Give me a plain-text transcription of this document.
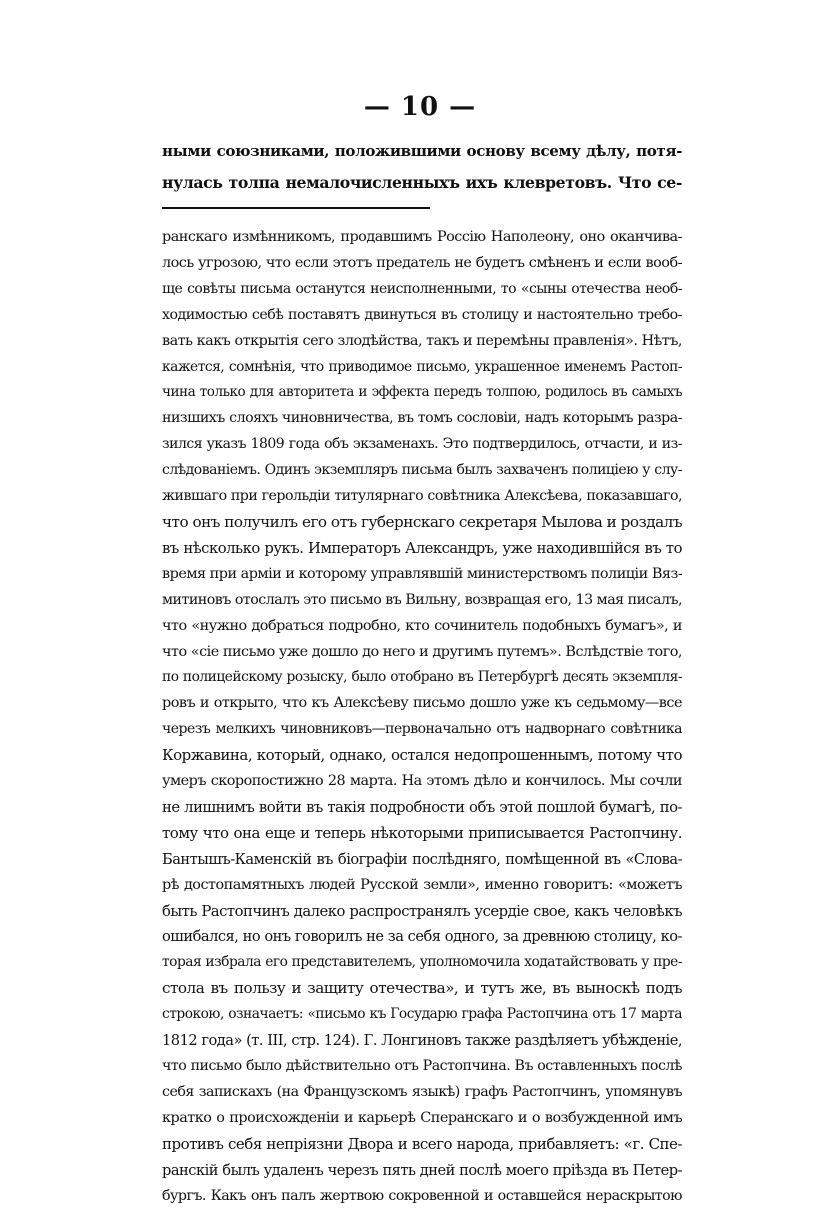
— 10 —
ными союзниками, положившими основу всему дѣлу, потя-
нулась толпа немалочисленныхъ ихъ клевретовъ. Что се-
ранскаго измѣнникомъ, продавшимъ Россію Наполеону, оно оканчива-
лось угрозою, что если этотъ предатель не будетъ смѣненъ и если вооб-
ще совѣты письма останутся неисполненными, то «сыны отечества необ-
ходимостью себѣ поставятъ двинуться въ столицу и настоятельно требо-
вать какъ открытія сего злодѣйства, такъ и перемѣны правленія». Нѣтъ,
кажется, сомнѣнія, что приводимое письмо, украшенное именемъ Растоп-
чина только для авторитета и эффекта передъ толпою, родилось въ самыхъ
низшихъ слояхъ чиновничества, въ томъ сословіи, надъ которымъ разра-
зился указъ 1809 года объ экзаменахъ. Это подтвердилось, отчасти, и из-
слѣдованіемъ. Одинъ экземпляръ письма былъ захваченъ полиціею у слу-
жившаго при герольдіи титулярнаго совѣтника Алексѣева, показавшаго,
что онъ получилъ его отъ губернскаго секретаря Мылова и роздалъ
въ нѣсколько рукъ. Императоръ Александръ, уже находившійся въ то
время при арміи и которому управлявшій министерствомъ полиціи Вяз-
митиновъ отослалъ это письмо въ Вильну, возвращая его, 13 мая писалъ,
что «нужно добраться подробно, кто сочинитель подобныхъ бумагъ», и
что «сіе письмо уже дошло до него и другимъ путемъ». Вслѣдствіе того,
по полицейскому розыску, было отобрано въ Петербургѣ десять экземпля-
ровъ и открыто, что къ Алексѣеву письмо дошло уже къ седьмому—все
черезъ мелкихъ чиновниковъ—первоначально отъ надворнаго совѣтника
Коржавина, который, однако, остался недопрошеннымъ, потому что
умеръ скоропостижно 28 марта. На этомъ дѣло и кончилось. Мы сочли
не лишнимъ войти въ такія подробности объ этой пошлой бумагѣ, по-
тому что она еще и теперь нѣкоторыми приписывается Растопчину.
Бантышъ-Каменскій въ біографіи послѣдняго, помѣщенной въ «Слова-
рѣ достопамятныхъ людей Русской земли», именно говоритъ: «можетъ
быть Растопчинъ далеко распространялъ усердіе свое, какъ человѣкъ
ошибался, но онъ говорилъ не за себя одного, за древнюю столицу, ко-
торая избрала его представителемъ, уполномочила ходатайствовать у пре-
стола въ пользу и защиту отечества», и тутъ же, въ выноскѣ подъ
строкою, означаетъ: «письмо къ Государю графа Растопчина отъ 17 марта
1812 года» (т. III, стр. 124). Г. Лонгиновъ также раздѣляетъ убѣжденіе,
что письмо было дѣйствительно отъ Растопчина. Въ оставленныхъ послѣ
себя запискахъ (на Французскомъ языкѣ) графъ Растопчинъ, упомянувъ
кратко о происхожденіи и карьерѣ Сперанскаго и о возбужденной имъ
противъ себя непріязни Двора и всего народа, прибавляетъ: «г. Спе-
ранскій былъ удаленъ черезъ пять дней послѣ моего пріѣзда въ Петер-
бургъ. Какъ онъ палъ жертвою сокровенной и оставшейся нераскрытою
